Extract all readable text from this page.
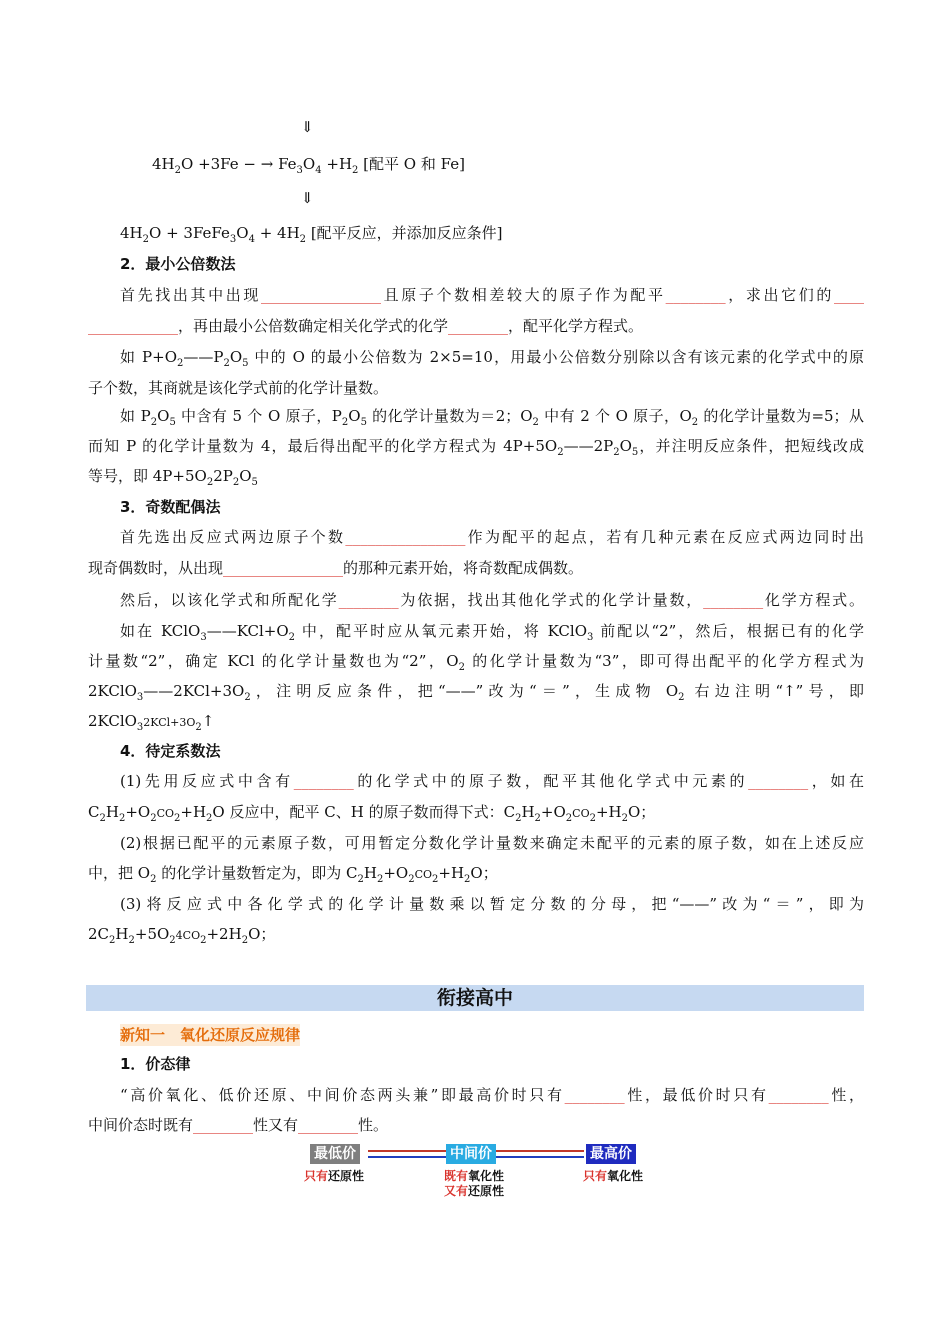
⇓
$4H_2O +3Fe$ − → $Fe_3O_4 +H_2$ [配平 O 和 Fe]
⇓
$4H_2O$ + $3FeFe_3O_4 + 4H_2$ [配平反应，并添加反应条件]
2．最小公倍数法
首先找出其中出现________________且原子个数相差较大的原子作为配平________，求出它们的____
____________，再由最小公倍数确定相关化学式的化学________，配平化学方程式。
如 $P+O_2——P_2O_5$ 中的 O 的最小公倍数为 2×5=10，用最小公倍数分别除以含有该元素的化学式中的原
子个数，其商就是该化学式前的化学计量数。
如 $P_2O_5$ 中含有 5 个 O 原子，$P_2O_5$ 的化学计量数为＝2；$O_2$ 中有 2 个 O 原子，$O_2$ 的化学计量数为=5；从
而知 P 的化学计量数为 4，最后得出配平的化学方程式为 $4P+5O_2——2P_2O_5$，并注明反应条件，把短线改成
等号，即 $4P+5O_22P_2O_5$
3．奇数配偶法
首先选出反应式两边原子个数________________作为配平的起点，若有几种元素在反应式两边同时出
现奇偶数时，从出现________________的那种元素开始，将奇数配成偶数。
然后，以该化学式和所配化学________为依据，找出其他化学式的化学计量数，________化学方程式。
如在 $KClO_3——KCl+O_2$ 中，配平时应从氧元素开始，将 KClO$_3$ 前配以“2”，然后，根据已有的化学
计量数“2”，确定 KCl 的化学计量数也为“2”，$O_2$ 的化学计量数为“3”，即可得出配平的化学方程式为
$2KClO_3——2KCl+3O_2$，注明反应条件，把“——”改为“＝”，生成物 $O_2$ 右边注明“↑”号，即
$2KClO_32KCl+3O_2↑$
4．待定系数法
(1)先用反应式中含有________的化学式中的原子数，配平其他化学式中元素的________，如在
$C_2H_2+O_2CO_2+H_2O$ 反应中，配平 C、H 的原子数而得下式：$C_2H_2+O_2CO_2+H_2O$；
(2)根据已配平的元素原子数，可用暂定分数化学计量数来确定未配平的元素的原子数，如在上述反应
中，把 $O_2$ 的化学计量数暂定为，即为 $C_2H_2+O_2CO_2+H_2O$；
(3)将反应式中各化学式的化学计量数乘以暂定分数的分母，把“——”改为“＝”，即为
$2C_2H_2+5O_24CO_2+2H_2O$；
衔接高中
新知一　氧化还原反应规律
1．价态律
“高价氧化、低价还原、中间价态两头兼”即最高价时只有________性，最低价时只有________性，
中间价态时既有________性又有________性。
最低价	中间价	最高价
只有还原性	既有氧化性
又有还原性
只有氧化性
